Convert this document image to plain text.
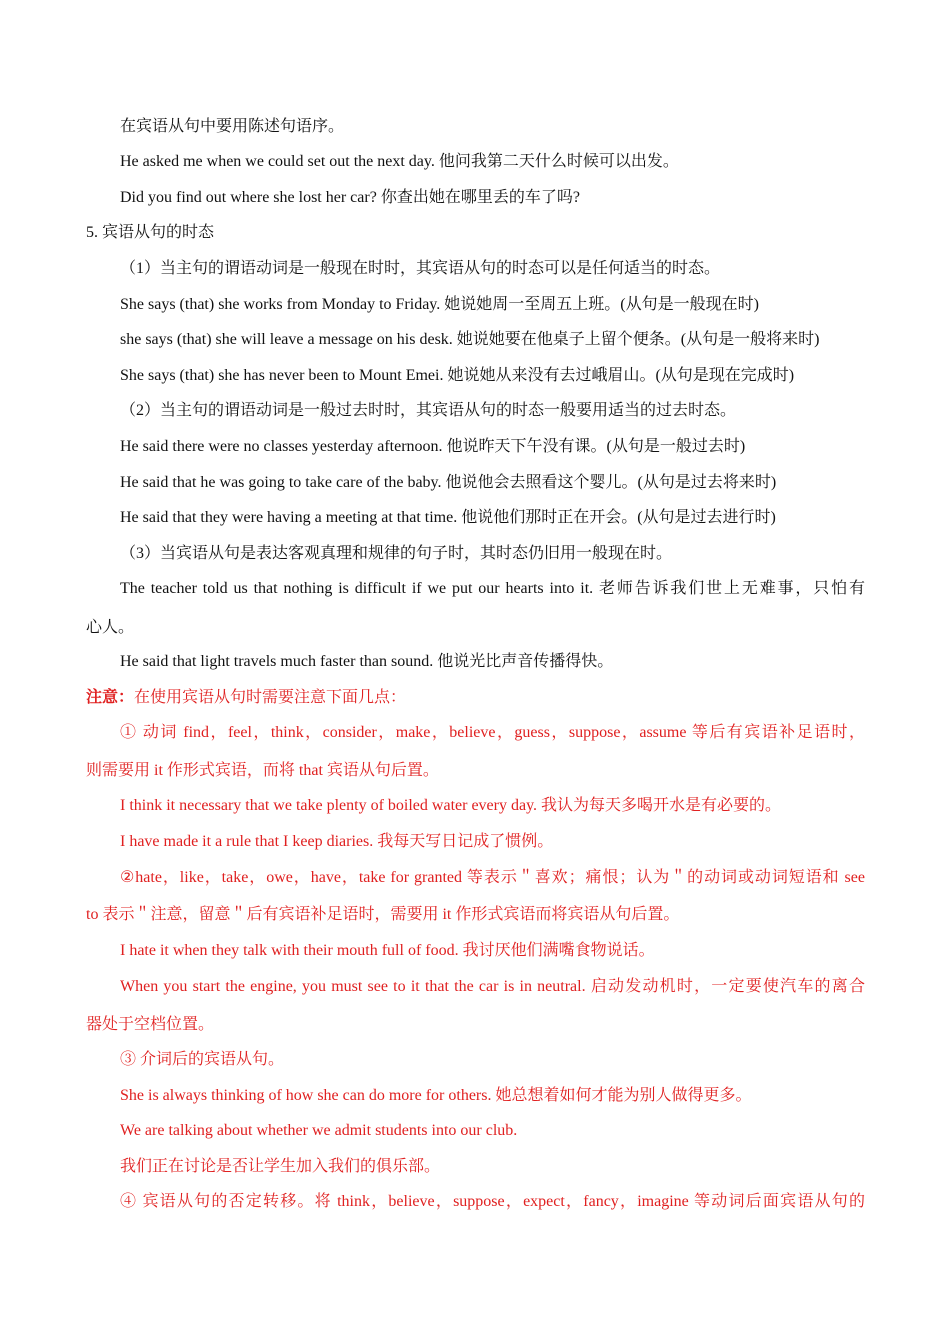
在宾语从句中要用陈述句语序。
He asked me when we could set out the next day. 他问我第二天什么时候可以出发。
Did you find out where she lost her car? 你查出她在哪里丢的车了吗?
5. 宾语从句的时态
（1）当主句的谓语动词是一般现在时时，其宾语从句的时态可以是任何适当的时态。
She says (that) she works from Monday to Friday. 她说她周一至周五上班。(从句是一般现在时)
she says (that) she will leave a message on his desk. 她说她要在他桌子上留个便条。(从句是一般将来时)
She says (that) she has never been to Mount Emei. 她说她从来没有去过峨眉山。(从句是现在完成时)
（2）当主句的谓语动词是一般过去时时，其宾语从句的时态一般要用适当的过去时态。
He said there were no classes yesterday afternoon. 他说昨天下午没有课。(从句是一般过去时)
He said that he was going to take care of the baby. 他说他会去照看这个婴儿。(从句是过去将来时)
He said that they were having a meeting at that time. 他说他们那时正在开会。(从句是过去进行时)
（3）当宾语从句是表达客观真理和规律的句子时，其时态仍旧用一般现在时。
The teacher told us that nothing is difficult if we put our hearts into it. 老师告诉我们世上无难事，只怕有
心人。
He said that light travels much faster than sound. 他说光比声音传播得快。
注意：在使用宾语从句时需要注意下面几点：
① 动词 find，feel，think，consider，make，believe，guess，suppose，assume 等后有宾语补足语时，
则需要用 it 作形式宾语，而将 that 宾语从句后置。
I think it necessary that we take plenty of boiled water every day. 我认为每天多喝开水是有必要的。
I have made it a rule that I keep diaries. 我每天写日记成了惯例。
②hate，like，take，owe，have，take for granted 等表示＂喜欢；痛恨；认为＂的动词或动词短语和 see
to 表示＂注意，留意＂后有宾语补足语时，需要用 it 作形式宾语而将宾语从句后置。
I hate it when they talk with their mouth full of food. 我讨厌他们满嘴食物说话。
When you start the engine, you must see to it that the car is in neutral. 启动发动机时，一定要使汽车的离合
器处于空档位置。
③ 介词后的宾语从句。
She is always thinking of how she can do more for others. 她总想着如何才能为别人做得更多。
We are talking about whether we admit students into our club.
我们正在讨论是否让学生加入我们的俱乐部。
④ 宾语从句的否定转移。将 think，believe，suppose，expect，fancy，imagine 等动词后面宾语从句的
